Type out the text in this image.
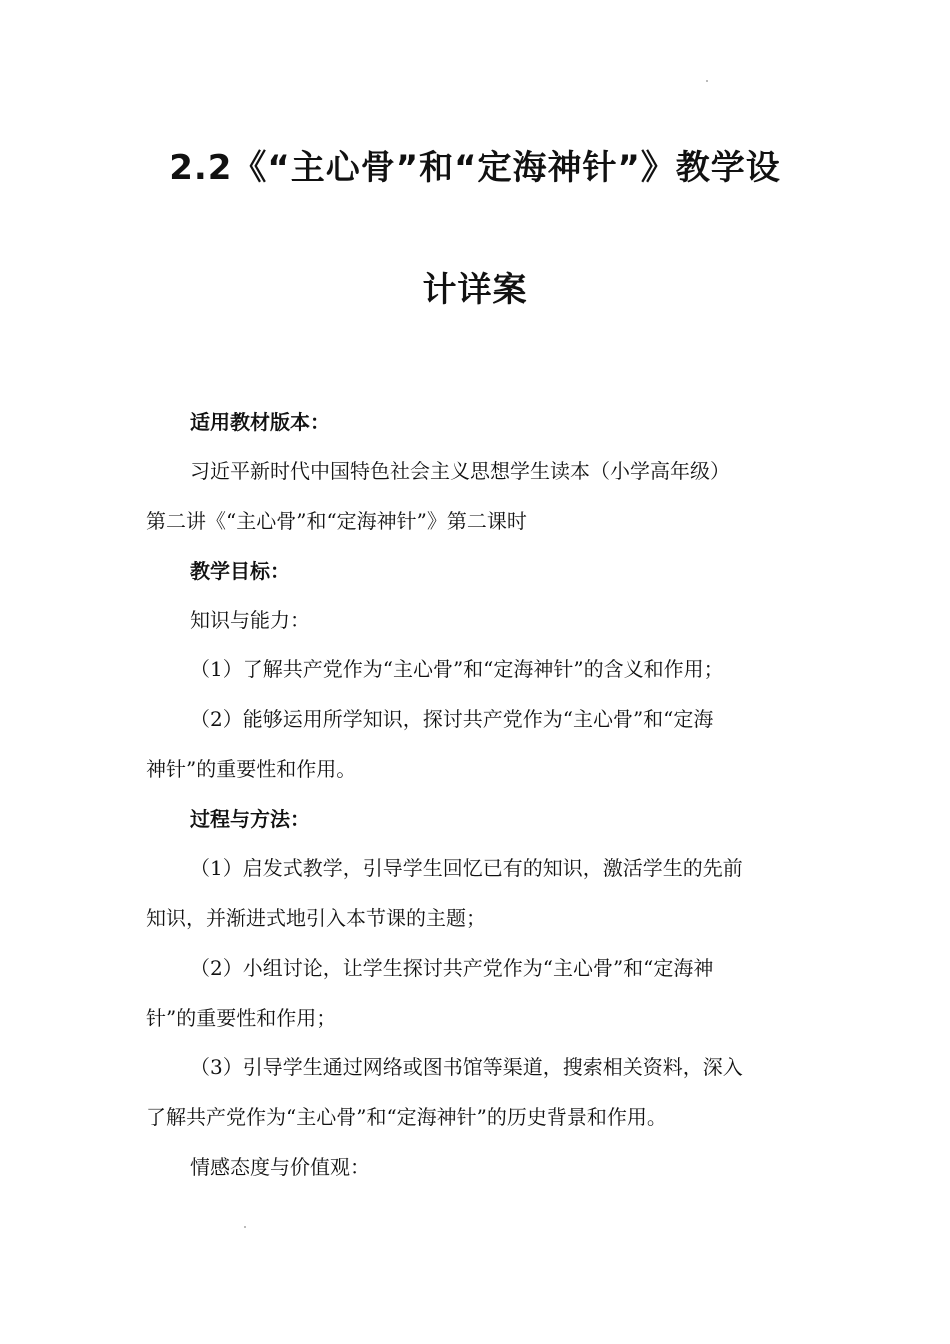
2.2《“主心骨”和“定海神针”》教学设
计详案
适用教材版本：
习近平新时代中国特色社会主义思想学生读本（小学高年级）
第二讲《“主心骨”和“定海神针”》第二课时
教学目标：
知识与能力：
（1）了解共产党作为“主心骨”和“定海神针”的含义和作用；
（2）能够运用所学知识，探讨共产党作为“主心骨”和“定海
神针”的重要性和作用。
过程与方法：
（1）启发式教学，引导学生回忆已有的知识，激活学生的先前
知识，并渐进式地引入本节课的主题；
（2）小组讨论，让学生探讨共产党作为“主心骨”和“定海神
针”的重要性和作用；
（3）引导学生通过网络或图书馆等渠道，搜索相关资料，深入
了解共产党作为“主心骨”和“定海神针”的历史背景和作用。
情感态度与价值观：
